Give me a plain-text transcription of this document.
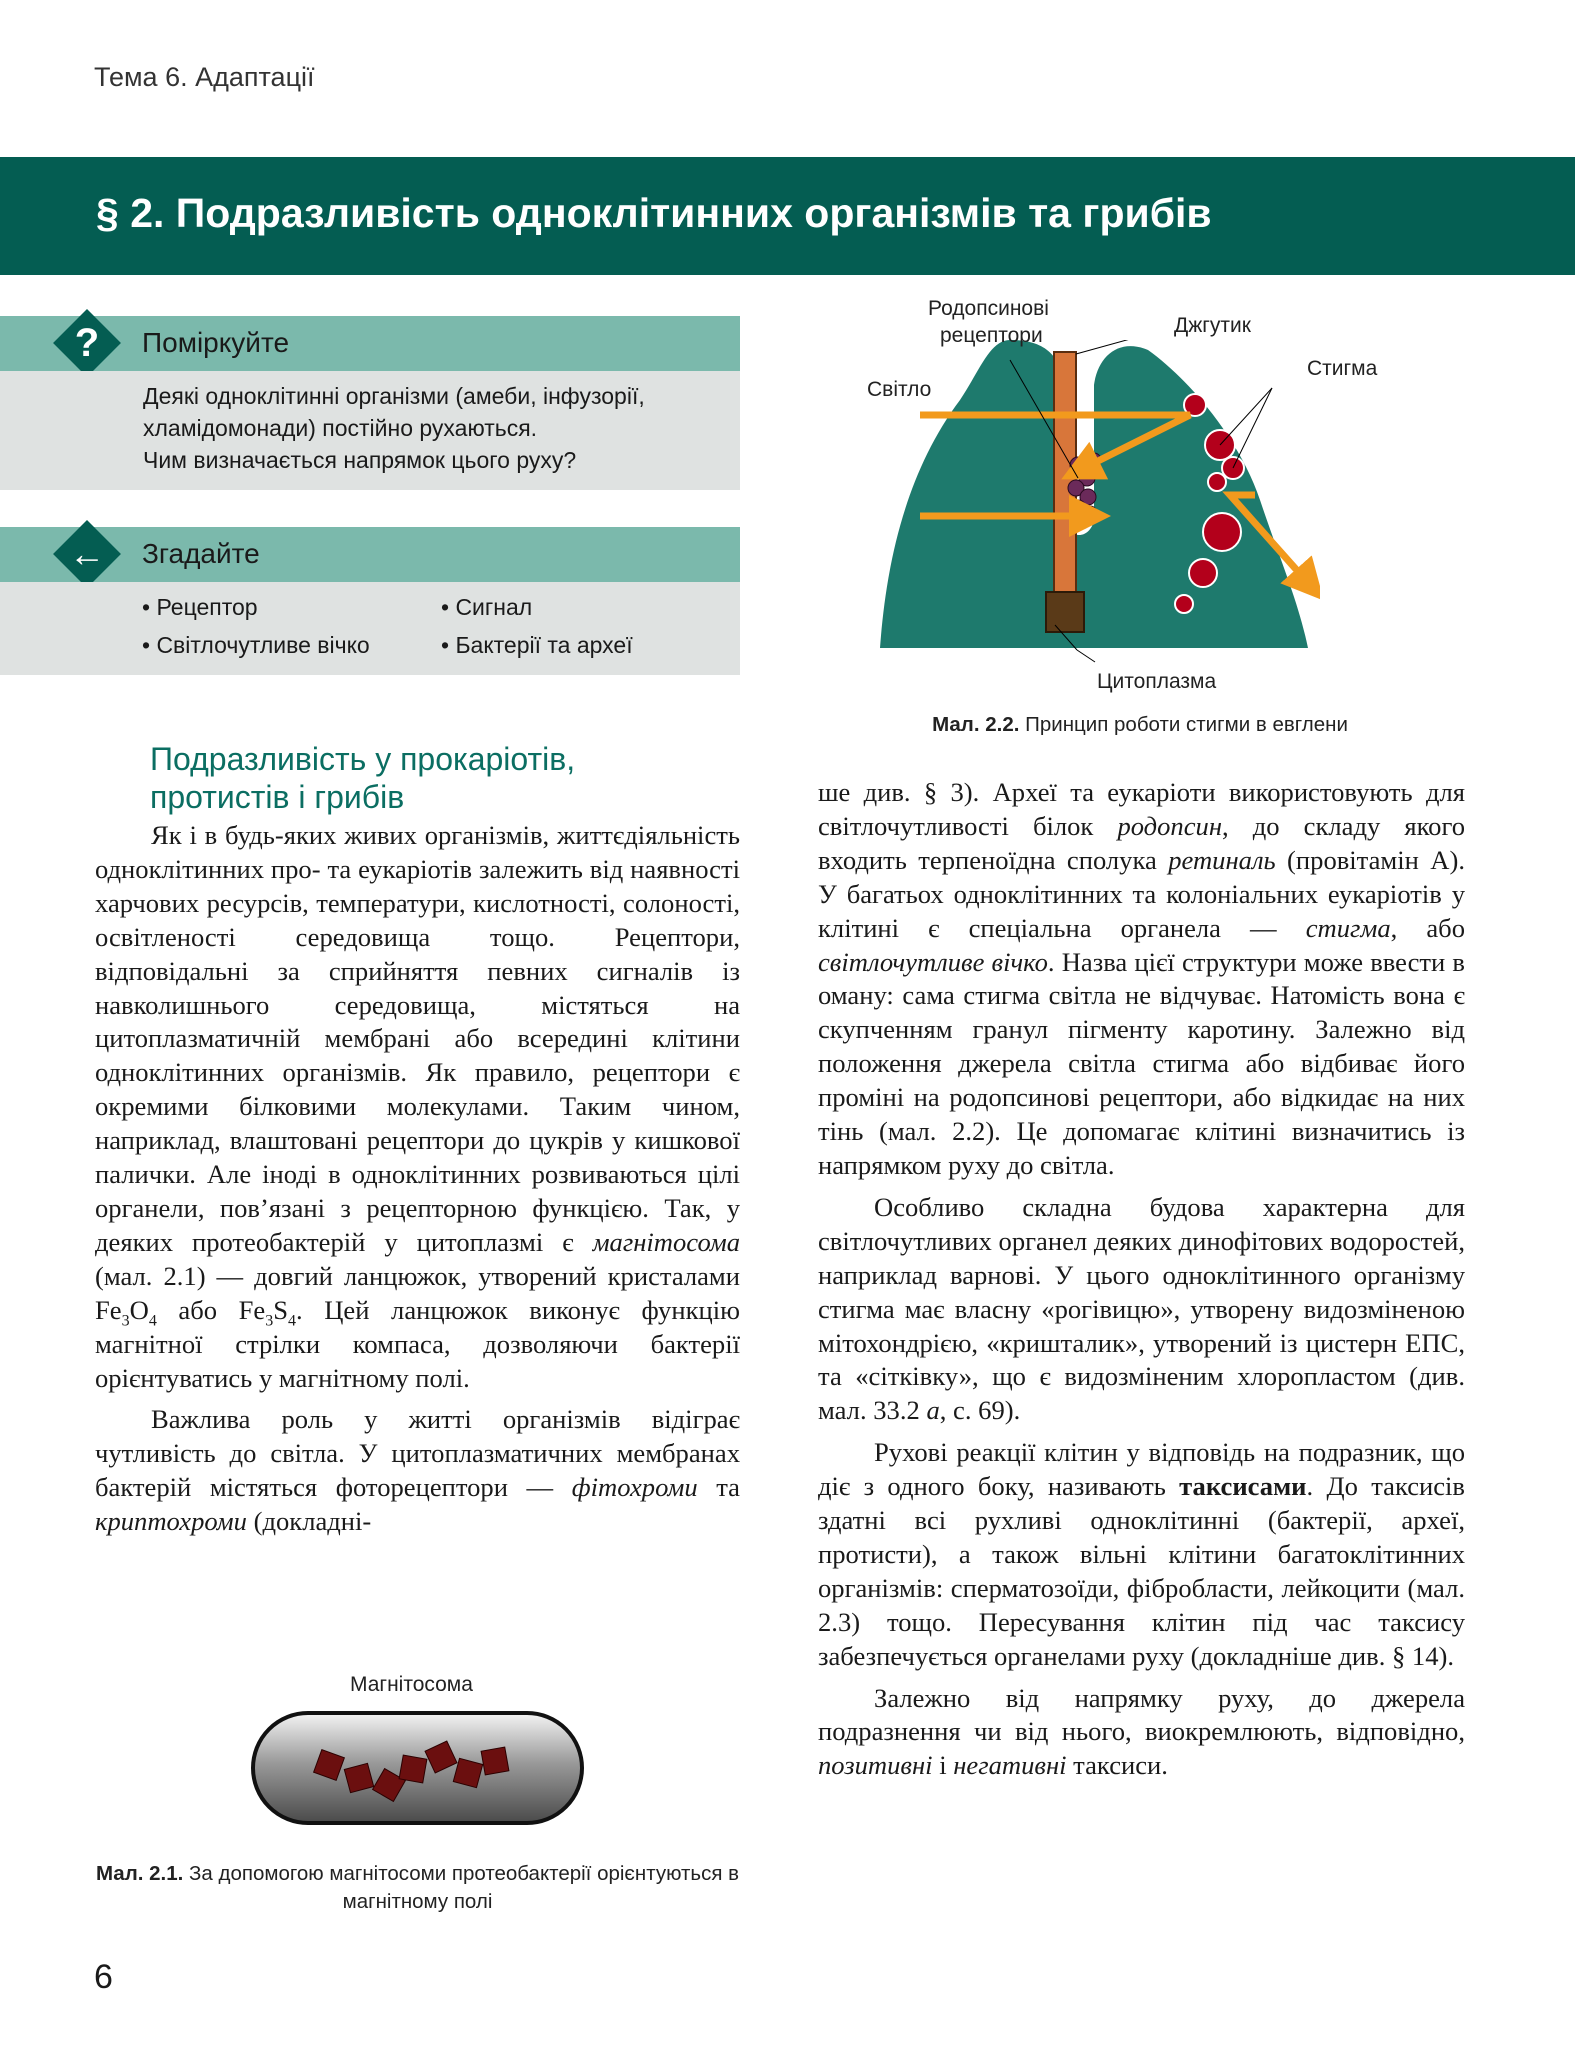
Тема 6. Адаптації
§ 2. Подразливість одноклітинних організмів та грибів
?	Поміркуйте
Деякі одноклітинні організми (амеби, інфузорії,
хламідомонади) постійно рухаються.
Чим визначається напрямок цього руху?
←	Згадайте
• Рецептор	• Сигнал
• Світлочутливе вічко	• Бактерії та археї
Подразливість у прокаріотів,
протистів і грибів

Як і в будь-яких живих організмів, життєдіяльність одноклітинних про- та еукаріотів залежить від наявності харчових ресурсів, температури, кислотності, солоності, освітленості середовища тощо. Рецептори, відповідальні за сприйняття певних сигналів із навколишнього середовища, містяться на цитоплазматичній мембрані або всередині клітини одноклітинних організмів. Як правило, рецептори є окремими білковими молекулами. Таким чином, наприклад, влаштовані рецептори до цукрів у кишкової палички. Але іноді в одноклітинних розвиваються цілі органели, пов’язані з рецепторною функцією. Так, у деяких протеобактерій у цитоплазмі є магнітосома (мал. 2.1) — довгий ланцюжок, утворений кристалами $Fe_3O_4$ або $Fe_3S_4$. Цей ланцюжок виконує функцію магнітної стрілки компаса, дозволяючи бактерії орієнтуватись у магнітному полі.

Важлива роль у житті організмів відіграє чутливість до світла. У цитоплазматичних мембранах бактерій містяться фоторецептори — фітохроми та криптохроми (докладні-

ше див. § 3). Археї та еукаріоти використовують для світлочутливості білок родопсин, до складу якого входить терпеноїдна сполука ретиналь (провітамін А). У багатьох одноклітинних та колоніальних еукаріотів у клітині є спеціальна органела — стигма, або світлочутливе вічко. Назва цієї структури може ввести в оману: сама стигма світла не відчуває. Натомість вона є скупченням гранул пігменту каротину. Залежно від положення джерела світла стигма або відбиває його проміні на родопсинові рецептори, або відкидає на них тінь (мал. 2.2). Це допомагає клітині визначитись із напрямком руху до світла.

Особливо складна будова характерна для світлочутливих органел деяких динофітових водоростей, наприклад варнові. У цього одноклітинного організму стигма має власну «рогівицю», утворену видозміненою мітохондрією, «кришталик», утворений із цистерн ЕПС, та «сітківку», що є видозміненим хлоропластом (див. мал. 33.2 а, с. 69).

Рухові реакції клітин у відповідь на подразник, що діє з одного боку, називають таксисами. До таксисів здатні всі рухливі одноклітинні (бактерії, археї, протисти), а також вільні клітини багатоклітинних організмів: сперматозоїди, фібробласти, лейкоцити (мал. 2.3) тощо. Пересування клітин під час таксису забезпечується органелами руху (докладніше див. § 14).

Залежно від напрямку руху, до джерела подразнення чи від нього, виокремлюють, відповідно, позитивні і негативні таксиси.

Родопсинові
рецептори	Джгутик
Стигма
Світло
Цитоплазма
Мал. 2.2. Принцип роботи стигми в евглени
Магнітосома
Мал. 2.1. За допомогою магнітосоми протеобактерії орієнтуються в магнітному полі
6
